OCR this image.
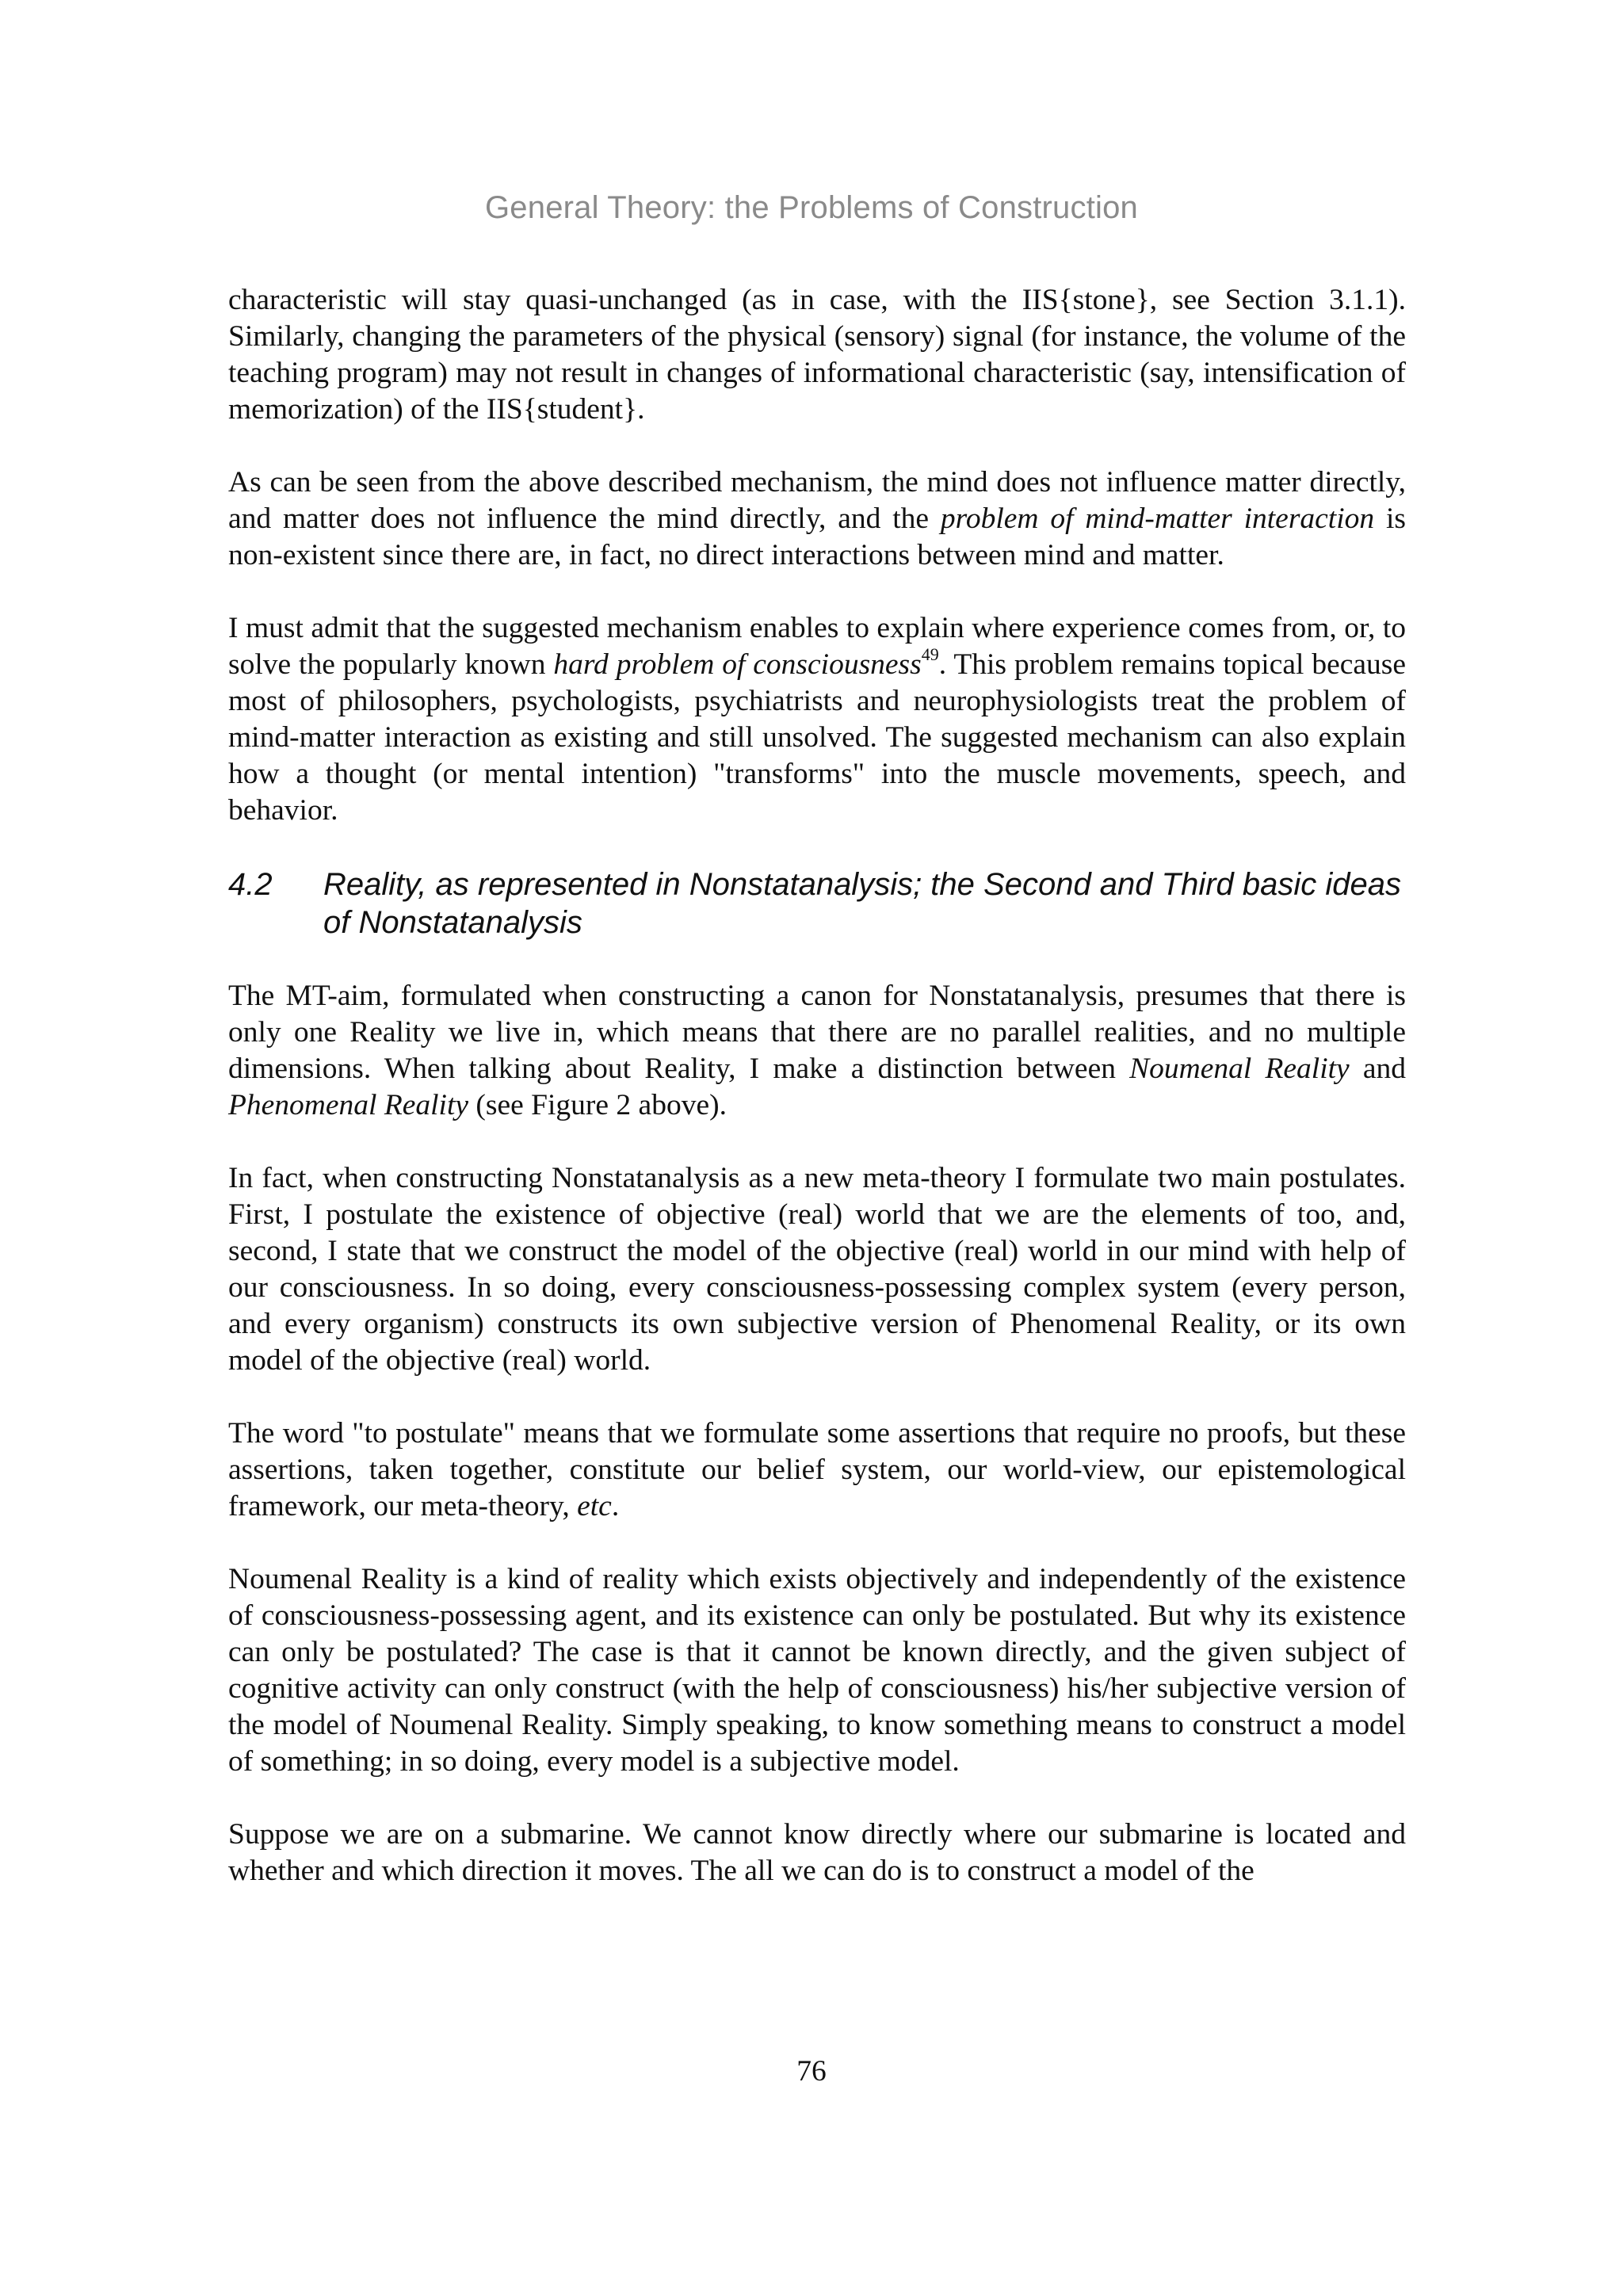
General Theory: the Problems of Construction

characteristic will stay quasi-unchanged (as in case, with the IIS{stone}, see Section 3.1.1). Similarly, changing the parameters of the physical (sensory) signal (for instance, the volume of the teaching program) may not result in changes of informational characteristic (say, intensification of memorization) of the IIS{student}.

As can be seen from the above described mechanism, the mind does not influence matter directly, and matter does not influence the mind directly, and the problem of mind-matter interaction is non-existent since there are, in fact, no direct interactions between mind and matter.

I must admit that the suggested mechanism enables to explain where experience comes from, or, to solve the popularly known hard problem of consciousness$^{49}$. This problem remains topical because most of philosophers, psychologists, psychiatrists and neurophysiologists treat the problem of mind-matter interaction as existing and still unsolved. The suggested mechanism can also explain how a thought (or mental intention) "transforms" into the muscle movements, speech, and behavior.

4.2	Reality, as represented in Nonstatanalysis; the Second and Third basic ideas of Nonstatanalysis

The MT-aim, formulated when constructing a canon for Nonstatanalysis, presumes that there is only one Reality we live in, which means that there are no parallel realities, and no multiple dimensions. When talking about Reality, I make a distinction between Noumenal Reality and Phenomenal Reality (see Figure 2 above).

In fact, when constructing Nonstatanalysis as a new meta-theory I formulate two main postulates. First, I postulate the existence of objective (real) world that we are the elements of too, and, second, I state that we construct the model of the objective (real) world in our mind with help of our consciousness. In so doing, every consciousness-possessing complex system (every person, and every organism) constructs its own subjective version of Phenomenal Reality, or its own model of the objective (real) world.

The word "to postulate" means that we formulate some assertions that require no proofs, but these assertions, taken together, constitute our belief system, our world-view, our epistemological framework, our meta-theory, etc.

Noumenal Reality is a kind of reality which exists objectively and independently of the existence of consciousness-possessing agent, and its existence can only be postulated. But why its existence can only be postulated? The case is that it cannot be known directly, and the given subject of cognitive activity can only construct (with the help of consciousness) his/her subjective version of the model of Noumenal Reality. Simply speaking, to know something means to construct a model of something; in so doing, every model is a subjective model.

Suppose we are on a submarine. We cannot know directly where our submarine is located and whether and which direction it moves. The all we can do is to construct a model of the

76
